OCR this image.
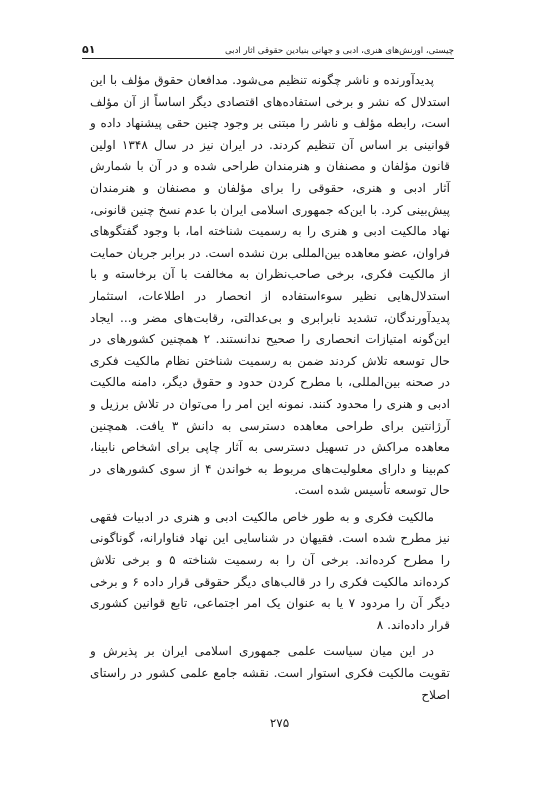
۵۱	چیستی، آورنش‌های هنری، ادبی و جهانی بنیادین حقوقی آثار ادبی

پدیدآورنده و ناشر چگونه تنظیم می‌شود. مدافعان حقوق مؤلف با این استدلال که نشر و برخی استفاده‌های اقتصادی دیگر اساساً از آن مؤلف است، رابطه مؤلف و ناشر را مبتنی بر وجود چنین حقی پیشنهاد داده و قوانینی بر اساس آن تنظیم کردند. در ایران نیز در سال ۱۳۴۸ اولین قانون مؤلفان و مصنفان و هنرمندان طراحی شده و در آن با شمارش آثار ادبی و هنری، حقوقی را برای مؤلفان و مصنفان و هنرمندان پیش‌بینی کرد. با این‌که جمهوری اسلامی ایران با عدم نسخ چنین قانونی، نهاد مالکیت ادبی و هنری را به رسمیت شناخته اما، با وجود گفتگوهای فراوان، عضو معاهده بین‌المللی برن نشده است. در برابر جریان حمایت از مالکیت فکری، برخی صاحب‌نظران به مخالفت با آن برخاسته و با استدلال‌هایی نظیر سوءاستفاده از انحصار در اطلاعات، استثمار پدیدآورندگان، تشدید نابرابری و بی‌عدالتی، رقابت‌های مضر و... ایجاد این‌گونه امتیازات انحصاری را صحیح ندانستند. ۲ همچنین کشورهای در حال توسعه تلاش کردند ضمن به رسمیت شناختن نظام مالکیت فکری در صحنه بین‌المللی، با مطرح کردن حدود و حقوق دیگر، دامنه مالکیت ادبی و هنری را محدود کنند. نمونه این امر را می‌توان در تلاش برزیل و آرژانتین برای طراحی معاهده دسترسی به دانش ۳ یافت. همچنین معاهده مراکش در تسهیل دسترسی به آثار چاپی برای اشخاص نابینا، کم‌بینا و دارای معلولیت‌های مربوط به خواندن ۴ از سوی کشورهای در حال توسعه تأسیس شده است.

مالکیت فکری و به طور خاص مالکیت ادبی و هنری در ادبیات فقهی نیز مطرح شده است. فقیهان در شناسایی این نهاد فناوارانه، گوناگونی را مطرح کرده‌اند. برخی آن را به رسمیت شناخته ۵ و برخی تلاش کرده‌اند مالکیت فکری را در قالب‌های دیگر حقوقی قرار داده ۶ و برخی دیگر آن را مردود ۷ یا به عنوان یک امر اجتماعی، تابع قوانین کشوری قرار داده‌اند. ۸

در این میان سیاست علمی جمهوری اسلامی ایران بر پذیرش و تقویت مالکیت فکری استوار است. نقشه جامع علمی کشور در راستای اصلاح

۲۷۵
